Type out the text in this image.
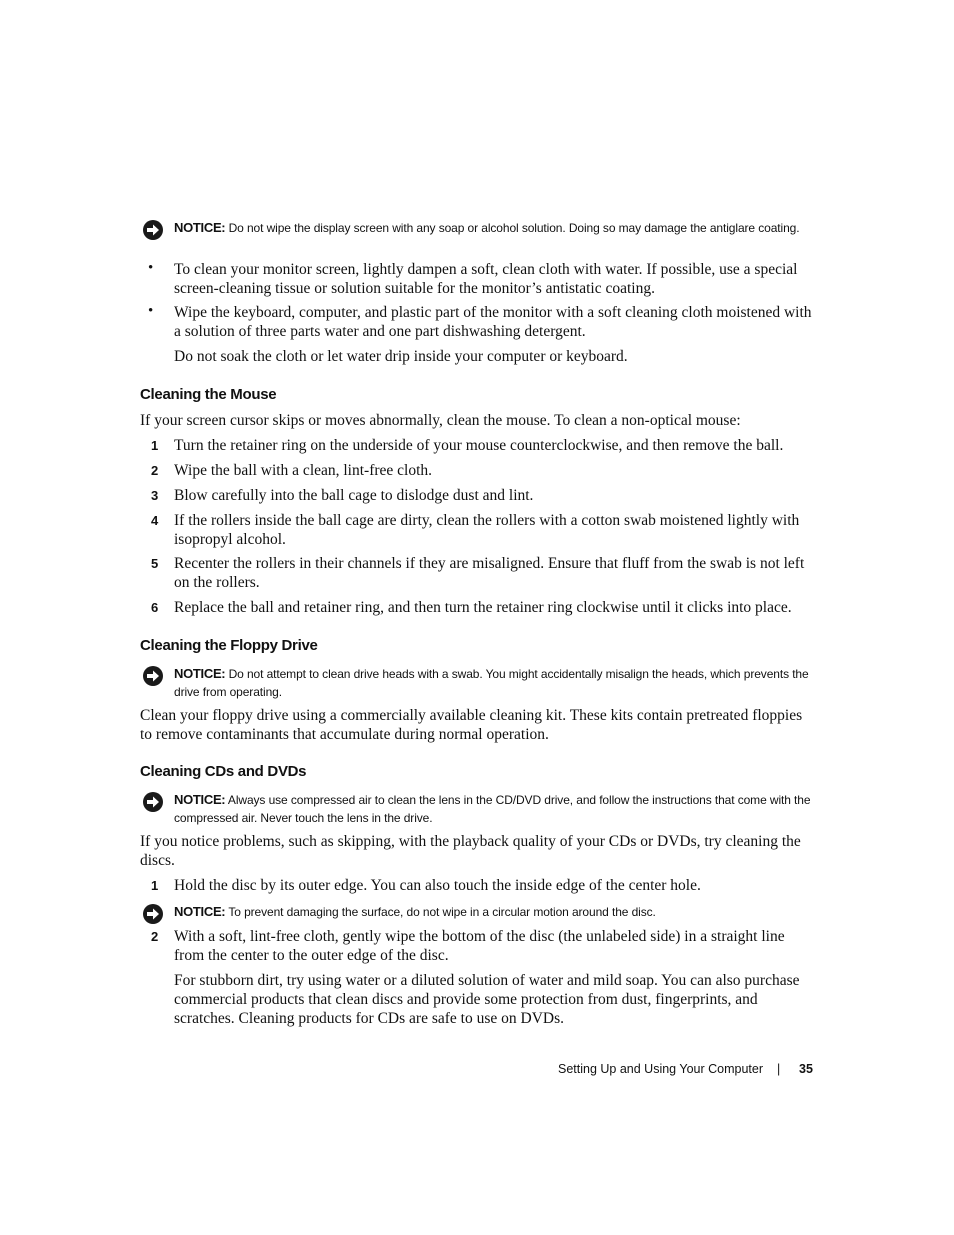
NOTICE: Do not wipe the display screen with any soap or alcohol solution. Doing so may damage the antiglare coating.
• To clean your monitor screen, lightly dampen a soft, clean cloth with water. If possible, use a special screen-cleaning tissue or solution suitable for the monitor’s antistatic coating.
• Wipe the keyboard, computer, and plastic part of the monitor with a soft cleaning cloth moistened with a solution of three parts water and one part dishwashing detergent.
Do not soak the cloth or let water drip inside your computer or keyboard.
Cleaning the Mouse
If your screen cursor skips or moves abnormally, clean the mouse. To clean a non-optical mouse:
1 Turn the retainer ring on the underside of your mouse counterclockwise, and then remove the ball.
2 Wipe the ball with a clean, lint-free cloth.
3 Blow carefully into the ball cage to dislodge dust and lint.
4 If the rollers inside the ball cage are dirty, clean the rollers with a cotton swab moistened lightly with isopropyl alcohol.
5 Recenter the rollers in their channels if they are misaligned. Ensure that fluff from the swab is not left on the rollers.
6 Replace the ball and retainer ring, and then turn the retainer ring clockwise until it clicks into place.
Cleaning the Floppy Drive
NOTICE: Do not attempt to clean drive heads with a swab. You might accidentally misalign the heads, which prevents the drive from operating.
Clean your floppy drive using a commercially available cleaning kit. These kits contain pretreated floppies to remove contaminants that accumulate during normal operation.
Cleaning CDs and DVDs
NOTICE: Always use compressed air to clean the lens in the CD/DVD drive, and follow the instructions that come with the compressed air. Never touch the lens in the drive.
If you notice problems, such as skipping, with the playback quality of your CDs or DVDs, try cleaning the discs.
1 Hold the disc by its outer edge. You can also touch the inside edge of the center hole.
NOTICE: To prevent damaging the surface, do not wipe in a circular motion around the disc.
2 With a soft, lint-free cloth, gently wipe the bottom of the disc (the unlabeled side) in a straight line from the center to the outer edge of the disc.
For stubborn dirt, try using water or a diluted solution of water and mild soap. You can also purchase commercial products that clean discs and provide some protection from dust, fingerprints, and scratches. Cleaning products for CDs are safe to use on DVDs.
Setting Up and Using Your Computer | 35
